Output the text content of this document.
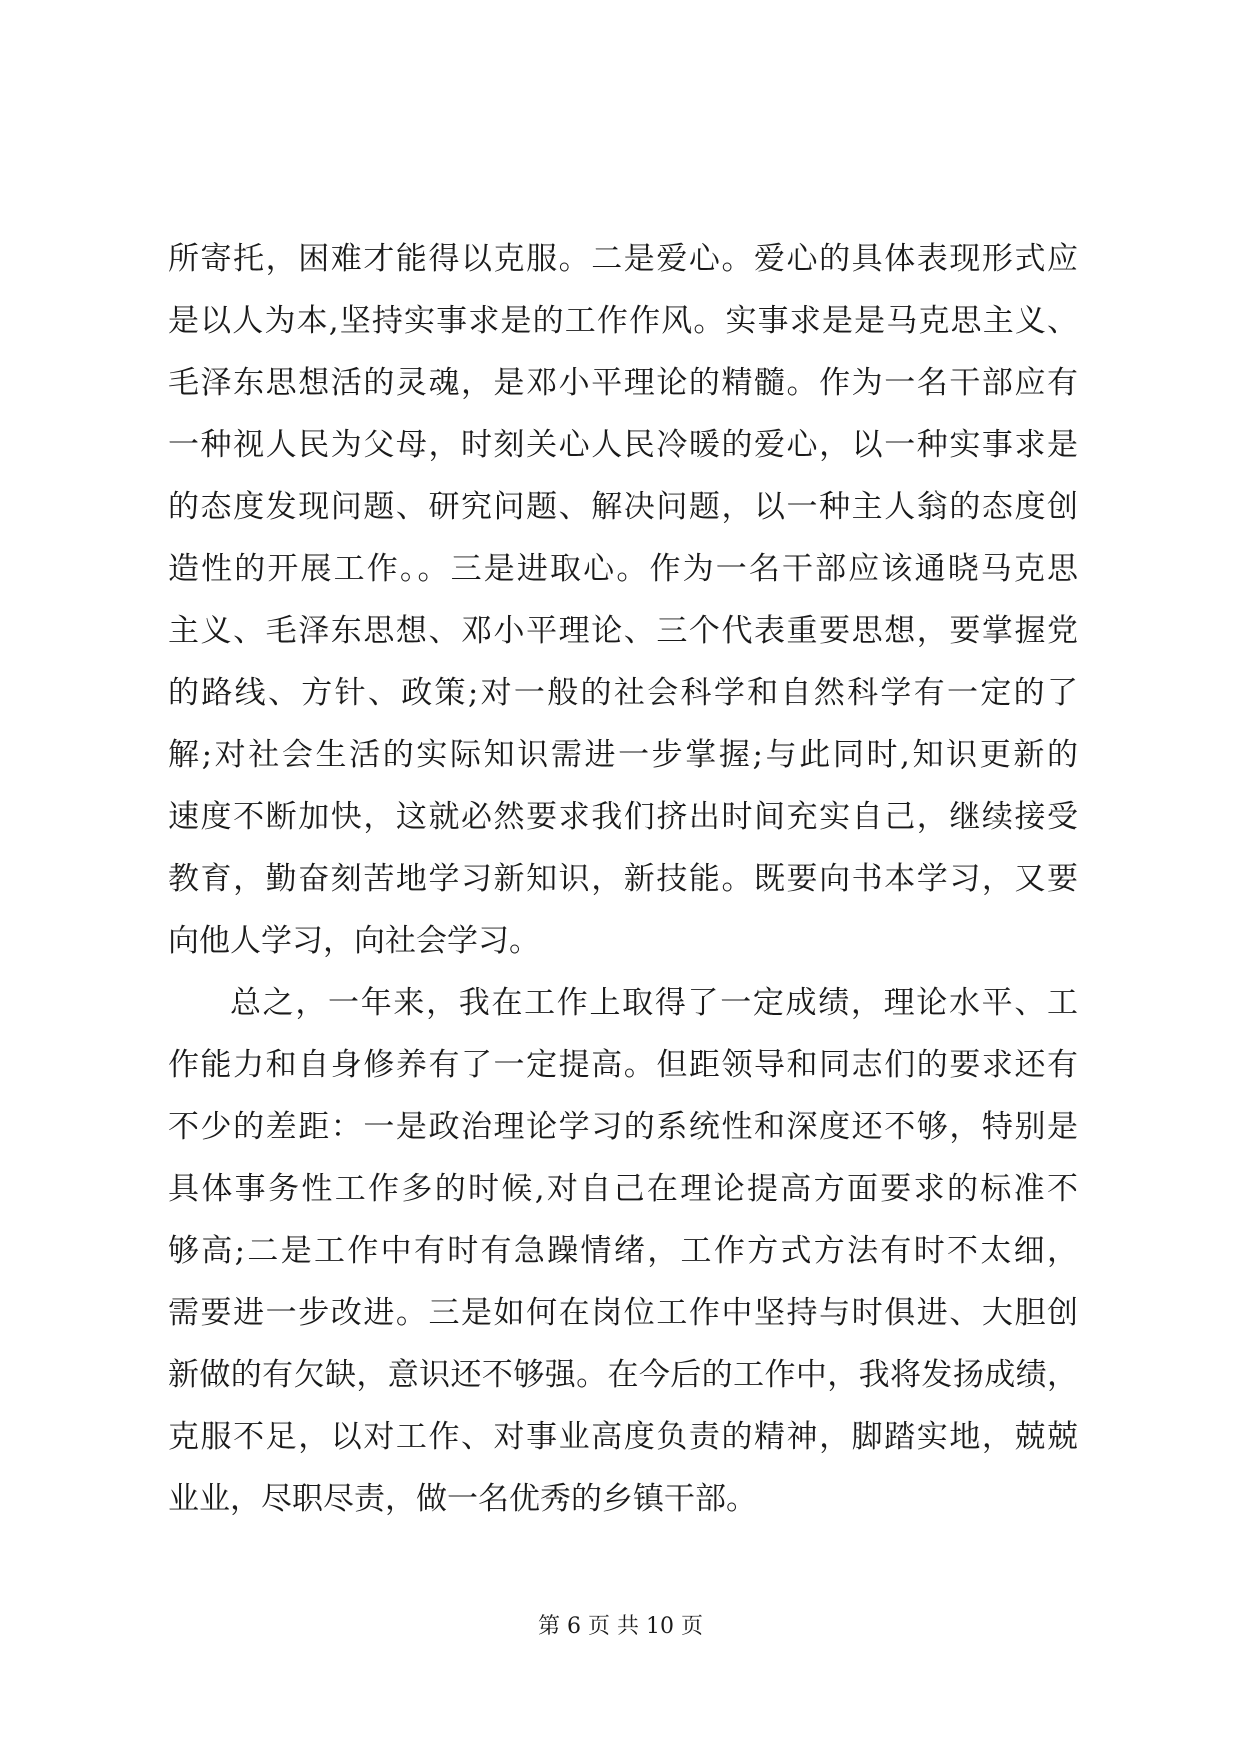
所寄托，困难才能得以克服。二是爱心。爱心的具体表现形式应
是以人为本,坚持实事求是的工作作风。实事求是是马克思主义、
毛泽东思想活的灵魂，是邓小平理论的精髓。作为一名干部应有
一种视人民为父母，时刻关心人民冷暖的爱心，以一种实事求是
的态度发现问题、研究问题、解决问题，以一种主人翁的态度创
造性的开展工作。。三是进取心。作为一名干部应该通晓马克思
主义、毛泽东思想、邓小平理论、三个代表重要思想，要掌握党
的路线、方针、政策;对一般的社会科学和自然科学有一定的了
解;对社会生活的实际知识需进一步掌握;与此同时,知识更新的
速度不断加快，这就必然要求我们挤出时间充实自己，继续接受
教育，勤奋刻苦地学习新知识，新技能。既要向书本学习，又要
向他人学习，向社会学习。
总之，一年来，我在工作上取得了一定成绩，理论水平、工
作能力和自身修养有了一定提高。但距领导和同志们的要求还有
不少的差距：一是政治理论学习的系统性和深度还不够，特别是
具体事务性工作多的时候,对自己在理论提高方面要求的标准不
够高;二是工作中有时有急躁情绪，工作方式方法有时不太细，
需要进一步改进。三是如何在岗位工作中坚持与时俱进、大胆创
新做的有欠缺，意识还不够强。在今后的工作中，我将发扬成绩，
克服不足，以对工作、对事业高度负责的精神，脚踏实地，兢兢
业业，尽职尽责，做一名优秀的乡镇干部。
第 6 页 共 10 页
